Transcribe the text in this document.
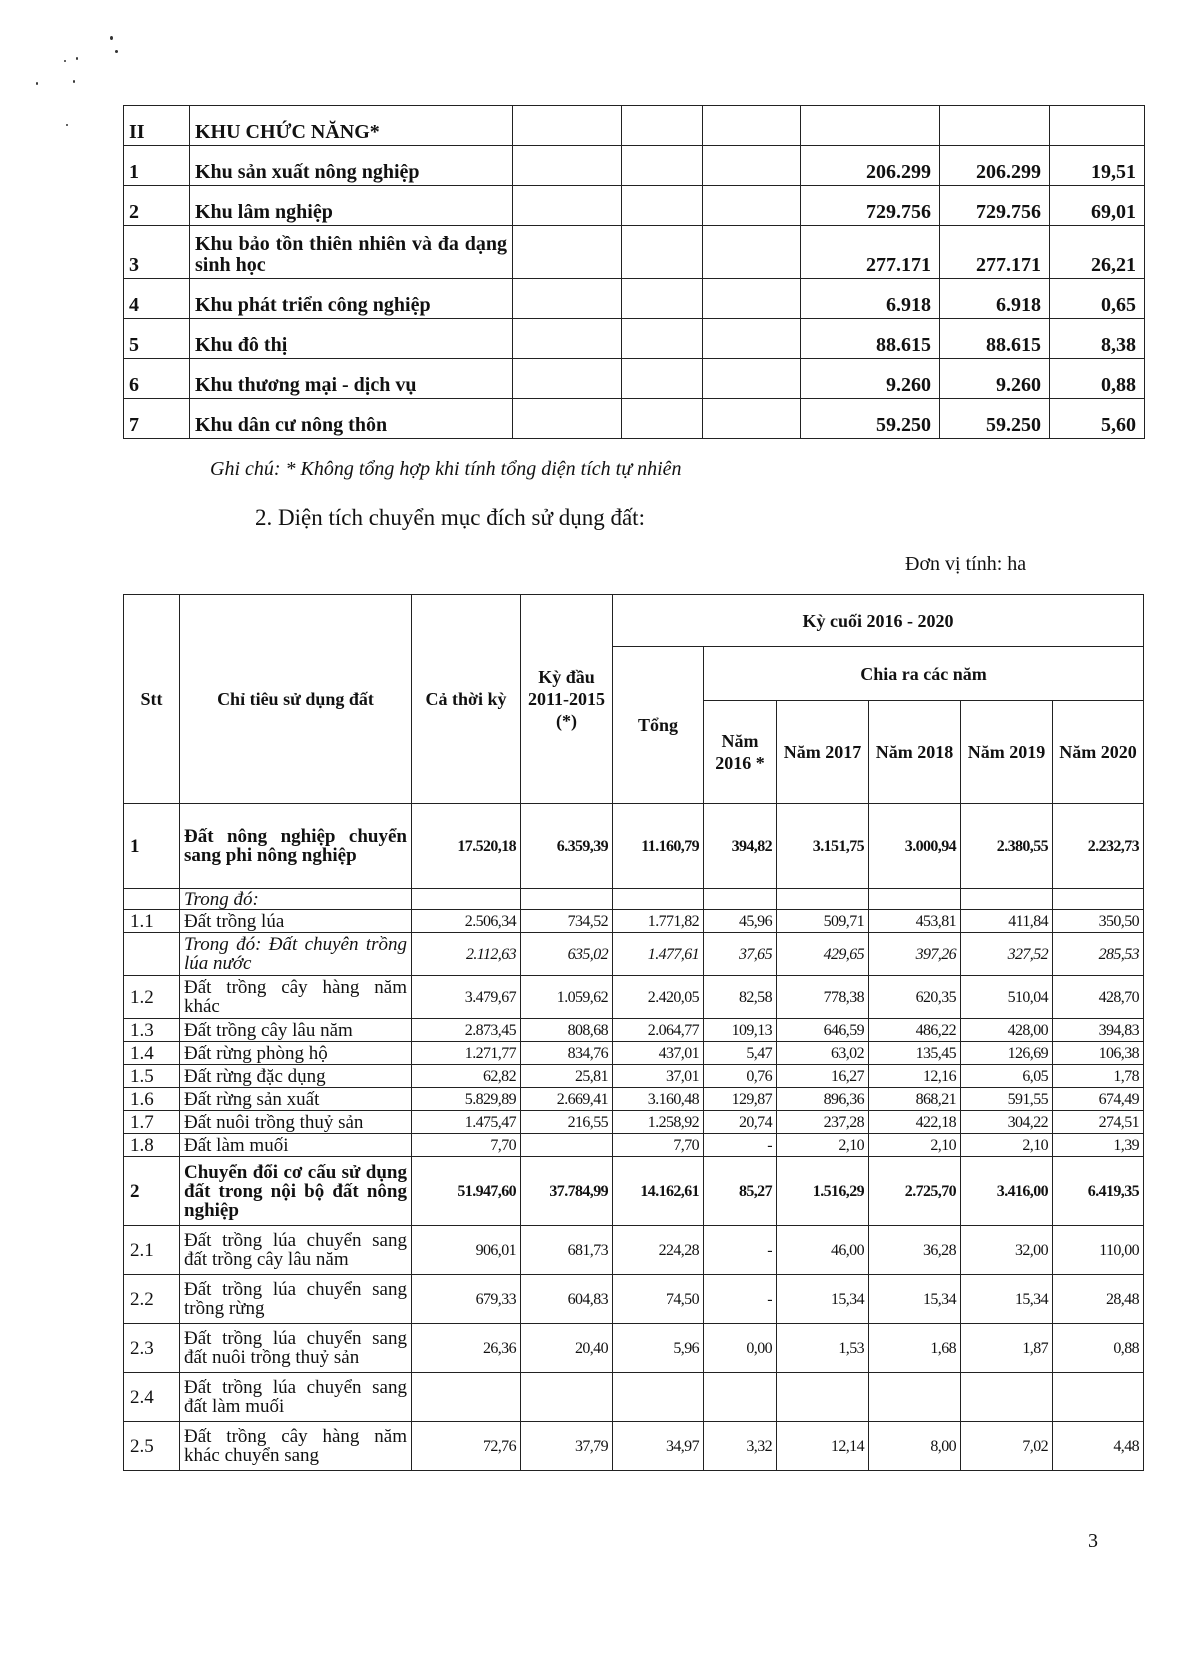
II	KHU CHỨC NĂNG*						
1	Khu sản xuất nông nghiệp				206.299	206.299	19,51
2	Khu lâm nghiệp				729.756	729.756	69,01
3	Khu bảo tồn thiên nhiên và đa dạng sinh học				277.171	277.171	26,21
4	Khu phát triển công nghiệp				6.918	6.918	0,65
5	Khu đô thị				88.615	88.615	8,38
6	Khu thương mại - dịch vụ				9.260	9.260	0,88
7	Khu dân cư nông thôn				59.250	59.250	5,60
Ghi chú: * Không tổng hợp khi tính tổng diện tích tự nhiên
2. Diện tích chuyển mục đích sử dụng đất:
Đơn vị tính: ha
Stt	Chỉ tiêu sử dụng đất	Cả thời kỳ	Kỳ đầu 2011-2015 (*)	Kỳ cuối 2016 - 2020					
				Tổng	Chia ra các năm				
					Năm 2016 *	Năm 2017	Năm 2018	Năm 2019	Năm 2020
1	Đất nông nghiệp chuyển sang phi nông nghiệp	17.520,18	6.359,39	11.160,79	394,82	3.151,75	3.000,94	2.380,55	2.232,73
	Trong đó:								
1.1	Đất trồng lúa	2.506,34	734,52	1.771,82	45,96	509,71	453,81	411,84	350,50
	Trong đó: Đất chuyên trồng lúa nước	2.112,63	635,02	1.477,61	37,65	429,65	397,26	327,52	285,53
1.2	Đất trồng cây hàng năm khác	3.479,67	1.059,62	2.420,05	82,58	778,38	620,35	510,04	428,70
1.3	Đất trồng cây lâu năm	2.873,45	808,68	2.064,77	109,13	646,59	486,22	428,00	394,83
1.4	Đất rừng phòng hộ	1.271,77	834,76	437,01	5,47	63,02	135,45	126,69	106,38
1.5	Đất rừng đặc dụng	62,82	25,81	37,01	0,76	16,27	12,16	6,05	1,78
1.6	Đất rừng sản xuất	5.829,89	2.669,41	3.160,48	129,87	896,36	868,21	591,55	674,49
1.7	Đất nuôi trồng thuỷ sản	1.475,47	216,55	1.258,92	20,74	237,28	422,18	304,22	274,51
1.8	Đất làm muối	7,70		7,70	-	2,10	2,10	2,10	1,39
2	Chuyển đổi cơ cấu sử dụng đất trong nội bộ đất nông nghiệp	51.947,60	37.784,99	14.162,61	85,27	1.516,29	2.725,70	3.416,00	6.419,35
2.1	Đất trồng lúa chuyển sang đất trồng cây lâu năm	906,01	681,73	224,28	-	46,00	36,28	32,00	110,00
2.2	Đất trồng lúa chuyển sang trồng rừng	679,33	604,83	74,50	-	15,34	15,34	15,34	28,48
2.3	Đất trồng lúa chuyển sang đất nuôi trồng thuỷ sản	26,36	20,40	5,96	0,00	1,53	1,68	1,87	0,88
2.4	Đất trồng lúa chuyển sang đất làm muối								
2.5	Đất trồng cây hàng năm khác chuyển sang	72,76	37,79	34,97	3,32	12,14	8,00	7,02	4,48
3
